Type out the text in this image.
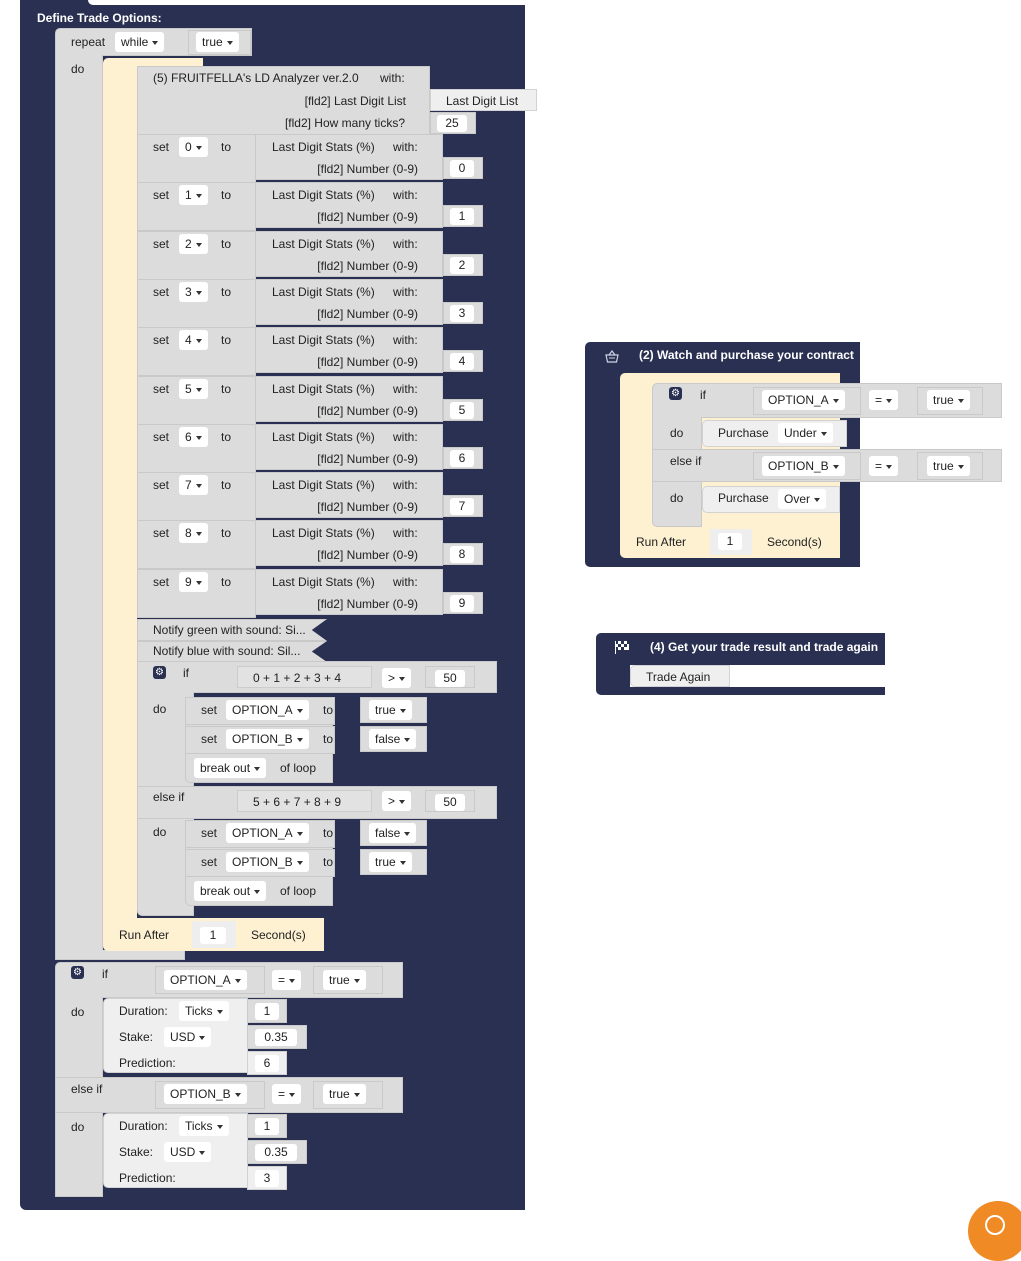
Define Trade Options:
repeat	while	true
do
Run After	1	Second(s)
(5) FRUITFELLA's LD Analyzer ver.2.0 with:
[fld2] Last Digit List	Last Digit List
[fld2] How many ticks?	25
set	0	to	Last Digit Stats (%) with:
[fld2] Number (0-9)	0
set	1	to	Last Digit Stats (%) with:
[fld2] Number (0-9)	1
set	2	to	Last Digit Stats (%) with:
[fld2] Number (0-9)	2
set	3	to	Last Digit Stats (%) with:
[fld2] Number (0-9)	3
set	4	to	Last Digit Stats (%) with:
[fld2] Number (0-9)	4
set	5	to	Last Digit Stats (%) with:
[fld2] Number (0-9)	5
set	6	to	Last Digit Stats (%) with:
[fld2] Number (0-9)	6
set	7	to	Last Digit Stats (%) with:
[fld2] Number (0-9)	7
set	8	to	Last Digit Stats (%) with:
[fld2] Number (0-9)	8
set	9	to	Last Digit Stats (%) with:
[fld2] Number (0-9)	9
Notify green with sound: Si...
Notify blue with sound: Sil...
⚙ if	0 + 1 + 2 + 3 + 4	>	50
do
else if	5 + 6 + 7 + 8 + 9	>	50
do
set	OPTION_A	to	true
set	OPTION_B	to	false
break out	of loop
set	OPTION_A	to	false
set	OPTION_B	to	true
break out	of loop
⚙ if	OPTION_A	=	true
do
else if	OPTION_B	=	true
do
Duration:	Ticks	1
Stake:	USD	0.35
Prediction:	6
Duration:	Ticks	1
Stake:	USD	0.35
Prediction:	3
(2) Watch and purchase your contract
⚙ if	OPTION_A	=	true
do	Purchase	Under
else if	OPTION_B	=	true
do	Purchase	Over
Run After	1	Second(s)
(4) Get your trade result and trade again
Trade Again
